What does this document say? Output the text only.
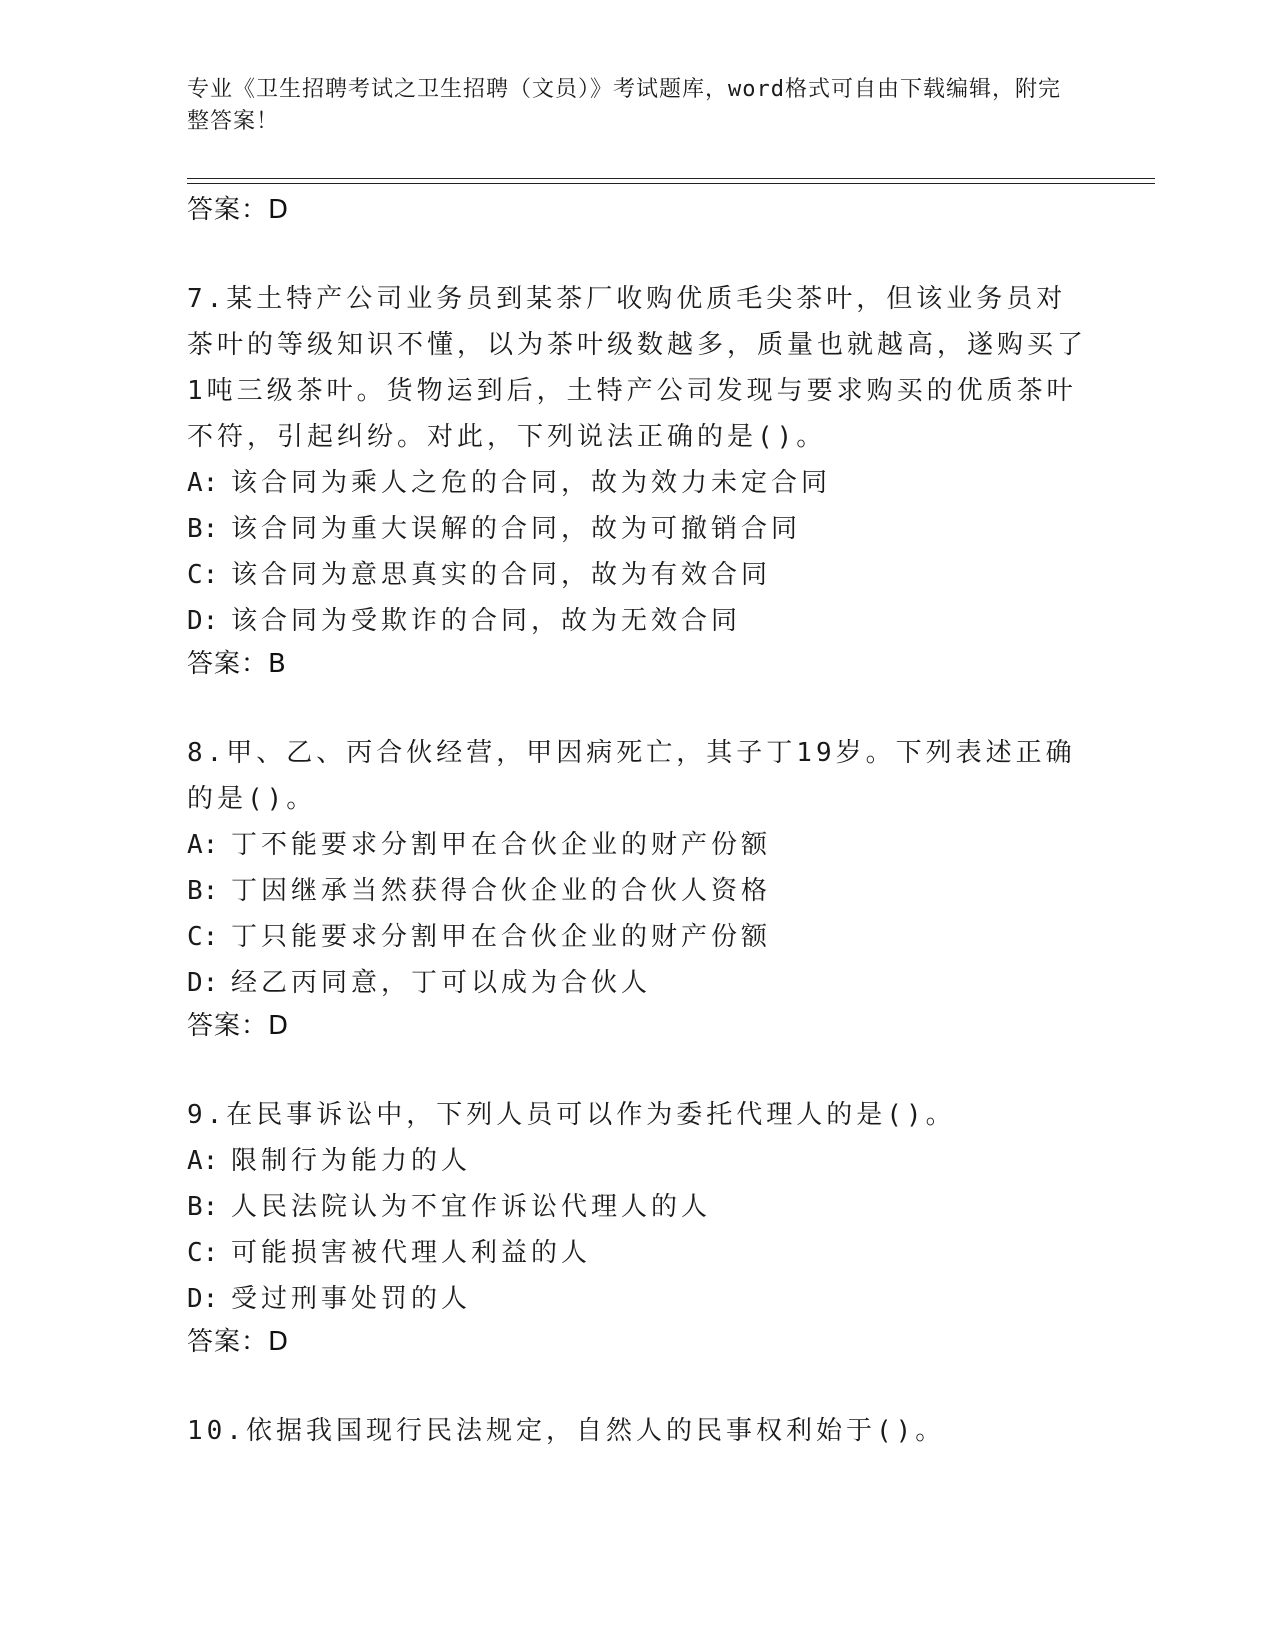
专业《卫生招聘考试之卫生招聘（文员）》考试题库，word格式可自由下载编辑，附完整答案！
答案：D
7.某土特产公司业务员到某茶厂收购优质毛尖茶叶，但该业务员对茶叶的等级知识不懂，以为茶叶级数越多，质量也就越高，遂购买了1吨三级茶叶。货物运到后，土特产公司发现与要求购买的优质茶叶不符，引起纠纷。对此，下列说法正确的是()。
A: 该合同为乘人之危的合同，故为效力未定合同
B: 该合同为重大误解的合同，故为可撤销合同
C: 该合同为意思真实的合同，故为有效合同
D: 该合同为受欺诈的合同，故为无效合同
答案：B
8.甲、乙、丙合伙经营，甲因病死亡，其子丁19岁。下列表述正确的是()。
A: 丁不能要求分割甲在合伙企业的财产份额
B: 丁因继承当然获得合伙企业的合伙人资格
C: 丁只能要求分割甲在合伙企业的财产份额
D: 经乙丙同意，丁可以成为合伙人
答案：D
9.在民事诉讼中，下列人员可以作为委托代理人的是()。
A: 限制行为能力的人
B: 人民法院认为不宜作诉讼代理人的人
C: 可能损害被代理人利益的人
D: 受过刑事处罚的人
答案：D
10.依据我国现行民法规定，自然人的民事权利始于()。
